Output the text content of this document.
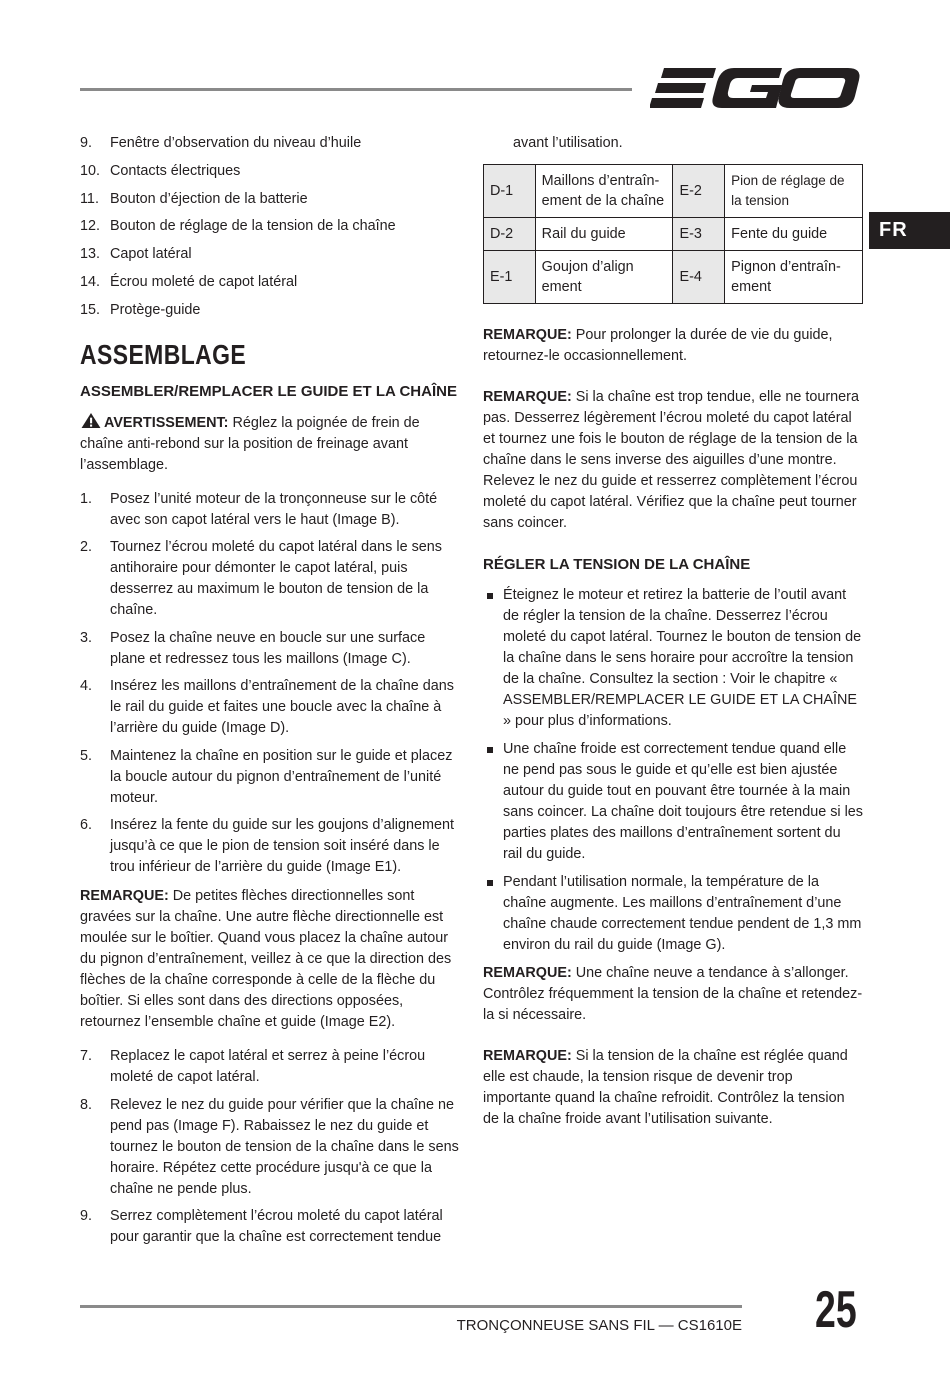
FR
9.	Fenêtre d’observation du niveau d’huile
10. Contacts électriques
11. Bouton d’éjection de la batterie
12. Bouton de réglage de la tension de la chaîne
13. Capot latéral
14. Écrou moleté de capot latéral
15. Protège-guide
ASSEMBLAGE
ASSEMBLER/REMPLACER LE GUIDE ET LA CHAÎNE

AVERTISSEMENT: Réglez la poignée de frein de chaîne anti-rebond sur la position de freinage avant l’assemblage.

1.	Posez l’unité moteur de la tronçonneuse sur le côté avec son capot latéral vers le haut (Image B).
2.	Tournez l’écrou moleté du capot latéral dans le sens antihoraire pour démonter le capot latéral, puis desserrez au maximum le bouton de tension de la chaîne.
3.	Posez la chaîne neuve en boucle sur une surface plane et redressez tous les maillons (Image C).
4.	Insérez les maillons d’entraînement de la chaîne dans le rail du guide et faites une boucle avec la chaîne à l’arrière du guide (Image D).
5.	Maintenez la chaîne en position sur le guide et placez la boucle autour du pignon d’entraînement de l’unité moteur.
6.	Insérez la fente du guide sur les goujons d’alignement jusqu’à ce que le pion de tension soit inséré dans le trou inférieur de l’arrière du guide (Image E1).

REMARQUE: De petites flèches directionnelles sont gravées sur la chaîne. Une autre flèche directionnelle est moulée sur le boîtier. Quand vous placez la chaîne autour du pignon d’entraînement, veillez à ce que la direction des flèches de la chaîne corresponde à celle de la flèche du boîtier. Si elles sont dans des directions opposées, retournez l’ensemble chaîne et guide (Image E2).

7.	Replacez le capot latéral et serrez à peine l’écrou moleté de capot latéral.
8.	Relevez le nez du guide pour vérifier que la chaîne ne pend pas (Image F). Rabaissez le nez du guide et tournez le bouton de tension de la chaîne dans le sens horaire. Répétez cette procédure jusqu'à ce que la chaîne ne pende plus.
9.	Serrez complètement l’écrou moleté du capot latéral pour garantir que la chaîne est correctement tendue
avant l’utilisation.
D-1	Maillons d’entraîn-ement de la chaîne	E-2	Pion de réglage de la tension
D-2	Rail du guide	E-3	Fente du guide
E-1	Goujon d’align ement	E-4	Pignon d’entraîn-ement

REMARQUE: Pour prolonger la durée de vie du guide, retournez-le occasionnellement.

REMARQUE: Si la chaîne est trop tendue, elle ne tournera pas. Desserrez légèrement l’écrou moleté du capot latéral et tournez une fois le bouton de réglage de la tension de la chaîne dans le sens inverse des aiguilles d’une montre. Relevez le nez du guide et resserrez complètement l’écrou moleté du capot latéral. Vérifiez que la chaîne peut tourner sans coincer.

RÉGLER LA TENSION DE LA CHAÎNE
Éteignez le moteur et retirez la batterie de l’outil avant de régler la tension de la chaîne. Desserrez l’écrou moleté du capot latéral. Tournez le bouton de tension de la chaîne dans le sens horaire pour accroître la tension de la chaîne. Consultez la section : Voir le chapitre « ASSEMBLER/REMPLACER LE GUIDE ET LA CHAÎNE » pour plus d’informations.
Une chaîne froide est correctement tendue quand elle ne pend pas sous le guide et qu’elle est bien ajustée autour du guide tout en pouvant être tournée à la main sans coincer. La chaîne doit toujours être retendue si les parties plates des maillons d’entraînement sortent du rail du guide.
Pendant l’utilisation normale, la température de la chaîne augmente. Les maillons d’entraînement d’une chaîne chaude correctement tendue pendent de 1,3 mm environ du rail du guide (Image G).

REMARQUE: Une chaîne neuve a tendance à s’allonger. Contrôlez fréquemment la tension de la chaîne et retendez-la si nécessaire.

REMARQUE: Si la tension de la chaîne est réglée quand elle est chaude, la tension risque de devenir trop importante quand la chaîne refroidit. Contrôlez la tension de la chaîne froide avant l’utilisation suivante.

TRONÇONNEUSE SANS FIL — CS1610E 25
